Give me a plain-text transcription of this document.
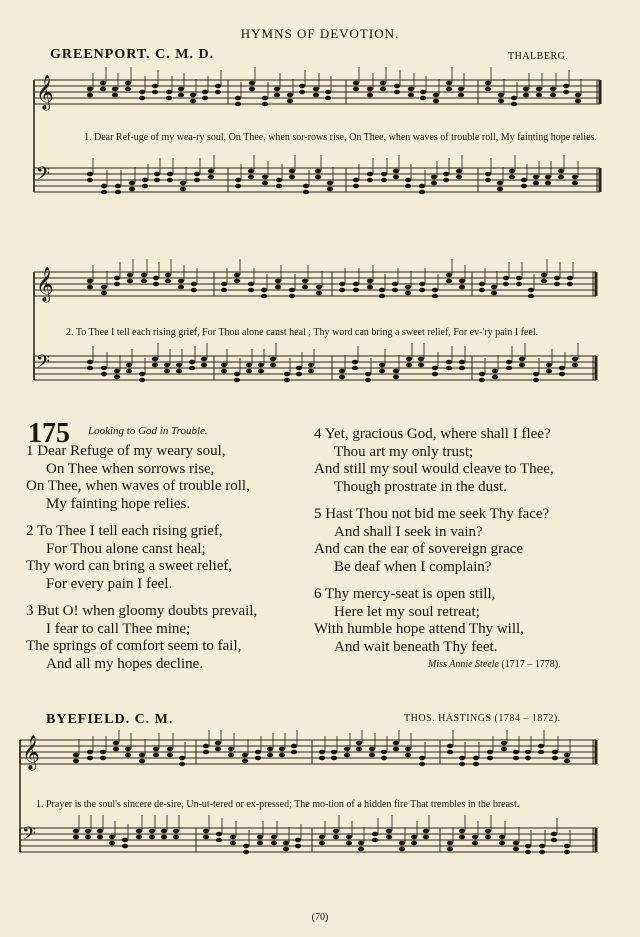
HYMNS OF DEVOTION.
GREENPORT. C. M. D.	THALBERG.
𝄞
𝄢
1. Dear Ref-uge of my wea-ry soul, On Thee, when sor-rows rise, On Thee, when waves of trouble roll, My fainting hope relies.
𝄞
𝄢
2. To Thee I tell each rising grief, For Thou alone canst heal ; Thy word can bring a sweet relief, For ev-'ry pain I feel.
175 Looking to God in Trouble.
1 Dear Refuge of my weary soul,
On Thee when sorrows rise,
On Thee, when waves of trouble roll,
My fainting hope relies.
2 To Thee I tell each rising grief,
For Thou alone canst heal;
Thy word can bring a sweet relief,
For every pain I feel.
3 But O! when gloomy doubts prevail,
I fear to call Thee mine;
The springs of comfort seem to fail,
And all my hopes decline.
4 Yet, gracious God, where shall I flee?
Thou art my only trust;
And still my soul would cleave to Thee,
Though prostrate in the dust.
5 Hast Thou not bid me seek Thy face?
And shall I seek in vain?
And can the ear of sovereign grace
Be deaf when I complain?
6 Thy mercy-seat is open still,
Here let my soul retreat;
With humble hope attend Thy will,
And wait beneath Thy feet.
Miss Annie Steele (1717 – 1778).
BYEFIELD. C. M.	THOS. HASTINGS (1784 – 1872).
𝄞
𝄢
1. Prayer is the soul's sincere de-sire, Un-ut-tered or ex-pressed; The mo-tion of a hidden fire That trembles in the breast.
(70)
